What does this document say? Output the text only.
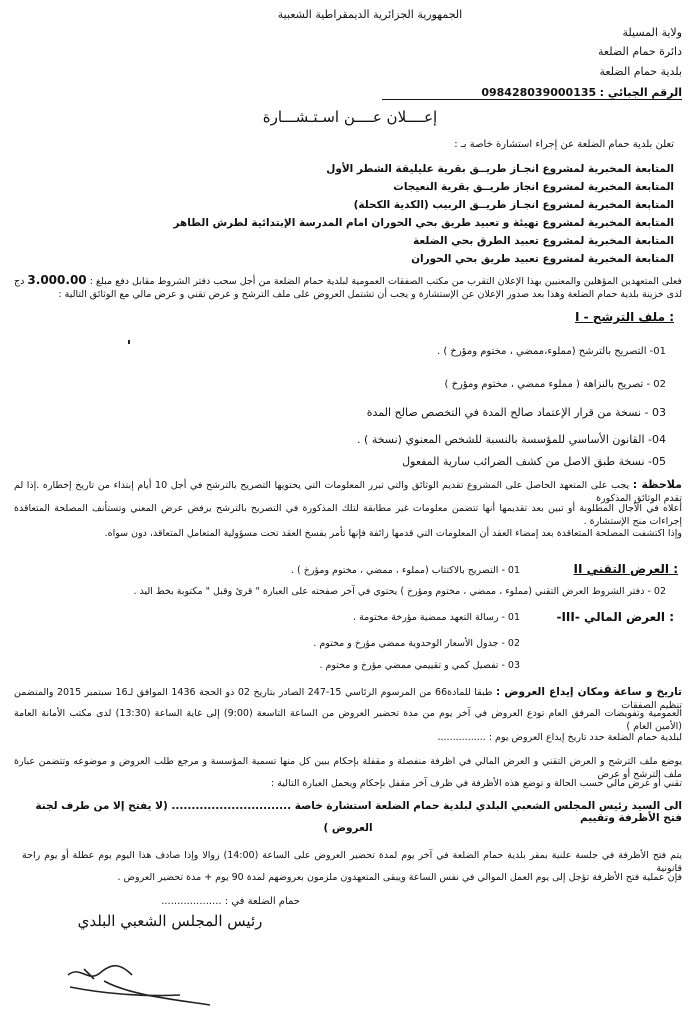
الجمهورية الجزائرية الديمقراطية الشعبية
ولاية المسيلة
دائرة حمام الضلعة
بلدية حمام الضلعة
الرقم الجبائي : 098428039000135
إعــــلان عــــن اسـتـشـــارة
تعلن بلدية حمام الضلعة عن إجراء استشارة خاصة بـ :
المتابعة المخبرية لمشروع انجـاز طريــق بقرية عليليقة الشطر الأول
المتابعة المخبرية لمشروع انجاز طريــق بقرية النعيجات
المتابعة المخبرية لمشروع انجـاز طريــق الربيب (الكدية الكحلة)
المتابعة المخبرية لمشروع تهيئة و تعبيد طريق بحي الحوران امام المدرسة الإبتدائية لطرش الطاهر
المتابعة المخبرية لمشروع تعبيد الطرق بحي الضلعة
المتابعة المخبرية لمشروع تعبيد طريق بحي الحوران
فعلى المتعهدين المؤهلين والمعنيين بهذا الإعلان التقرب من مكتب الصفقات العمومية لبلدية حمام الضلعة من أجل سحب دفتر الشروط مقابل دفع مبلغ : 3.000.00 دج لدى خزينة بلدية حمام الضلعة وهذا بعد صدور الإعلان عن الإستشارة و يجب أن تشتمل العروض على ملف الترشح و عرض تقني و عرض مالي مع الوثائق التالية :
I - ملف الترشح :
01- التصريح بالترشح (مملوء،ممضي ، مختوم ومؤرخ ) .
02 - تصريح بالنزاهة ( مملوء ممضي ، مختوم ومؤرخ )
03 - نسخة من قرار الإعتماد صالح المدة في التخصص صالح المدة
04- القانون الأساسي للمؤسسة بالنسبة للشخص المعنوي (نسخة ) .
05- نسخة طبق الاصل من كشف الضرائب سارية المفعول
ملاحظة : يجب على المتعهد الحاصل على المشروع تقديم الوثائق والتي تبرر المعلومات التي يحتويها التصريح بالترشح في أجل 10 أيام إبتداء من تاريخ إخطاره .إذا لم تقدم الوثائق المذكورة
أعلاه في الأجال المطلوبة أو تبين بعد تقديمها أنها تتضمن معلومات غير مطابقة لتلك المذكورة في التصريح بالترشح يرفض عرض المعني وتستأنف المصلحة المتعاقدة إجراءات منح الإستشارة .
وإذا اكتشفت المصلحة المتعاقدة بعد إمضاء العقد أن المعلومات التي قدمها زائفة فإنها تأمر بفسخ العقد تحت مسؤولية المتعامل المتعاقد، دون سواه.
II العرض التقني :
01 - التصريح بالاكتتاب (مملوء ، ممضي ، مختوم ومؤرخ ) .
02 - دفتر الشروط العرض التقني (مملوء ، ممضي ، مختوم ومؤرخ ) يحتوي في آخر صفحته على العبارة " قرئ وقبل " مكتوبة بخط اليد .
-III- العرض المالي :
01 - رسالة التعهد ممضية مؤرخة مختومة .
02 - جدول الأسعار الوحدوية ممضي مؤرخ و مختوم .
03 - تفصيل كمي و تقييمي ممضي مؤرخ و مختوم .
تاريخ و ساعة ومكان إيداع العروض : طبقا للمادة66 من المرسوم الرئاسي 15-247 الصادر بتاريخ 02 ذو الحجة 1436 الموافق لـ16 سبتمبر 2015 والمتضمن تنظيم الصفقات
العمومية وتفويضات المرفق العام تودع العروض في آخر يوم من مدة تحضير العروض من الساعة التاسعة (9:00) إلى غاية الساعة (13:30) لدى مكتب الأمانة العامة (الأمين العام )
لبلدية حمام الضلعة حدد تاريخ إيداع العروض يوم : ................
يوضع ملف الترشح و العرض التقني و العرض المالي في اظرفة منفصلة و مقفلة بإحكام يبين كل منها تسمية المؤسسة و مرجع طلب العروض و موضوعه وتتضمن عبارة ملف الترشح أو عرض
تقني أو عرض مالي حسب الحالة و توضع هذه الأظرفة في ظرف آخر مقفل بإحكام ويحمل العبارة التالية :
الى السيد رئيس المجلس الشعبي البلدي لبلدية حمام الضلعة استشارة خاصة .............................. (لا يفتح إلا من طرف لجنة فتح الأظرفة وتقييم
العروض )
يتم فتح الأظرفة في جلسة علنية بمقر بلدية حمام الضلعة في آخر يوم لمدة تحضير العروض على الساعة (14:00) زوالا وإذا صادف هذا اليوم يوم عطلة أو يوم راحة قانونية
فإن عملية فتح الأظرفة تؤجل إلى يوم العمل الموالي في نفس الساعة ويبقى المتعهدون ملزمون بعروضهم لمدة 90 يوم + مدة تحضير العروض .
حمام الضلعة في : ...................
رئيس المجلس الشعبي البلدي
